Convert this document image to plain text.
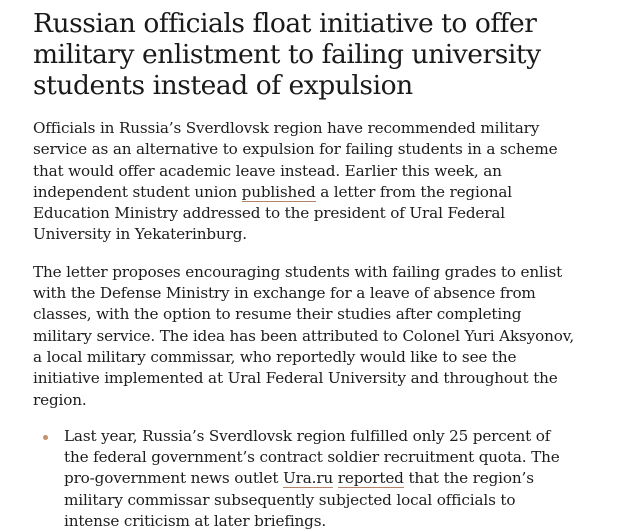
Russian officials float initiative to offer military enlistment to failing university students instead of expulsion

Officials in Russia’s Sverdlovsk region have recommended military service as an alternative to expulsion for failing students in a scheme that would offer academic leave instead. Earlier this week, an independent student union published a letter from the regional Education Ministry addressed to the president of Ural Federal University in Yekaterinburg.

The letter proposes encouraging students with failing grades to enlist with the Defense Ministry in exchange for a leave of absence from classes, with the option to resume their studies after completing military service. The idea has been attributed to Colonel Yuri Aksyonov, a local military commissar, who reportedly would like to see the initiative implemented at Ural Federal University and throughout the region.

Last year, Russia’s Sverdlovsk region fulfilled only 25 percent of the federal government’s contract soldier recruitment quota. The pro-government news outlet Ura.ru reported that the region’s military commissar subsequently subjected local officials to intense criticism at later briefings.
